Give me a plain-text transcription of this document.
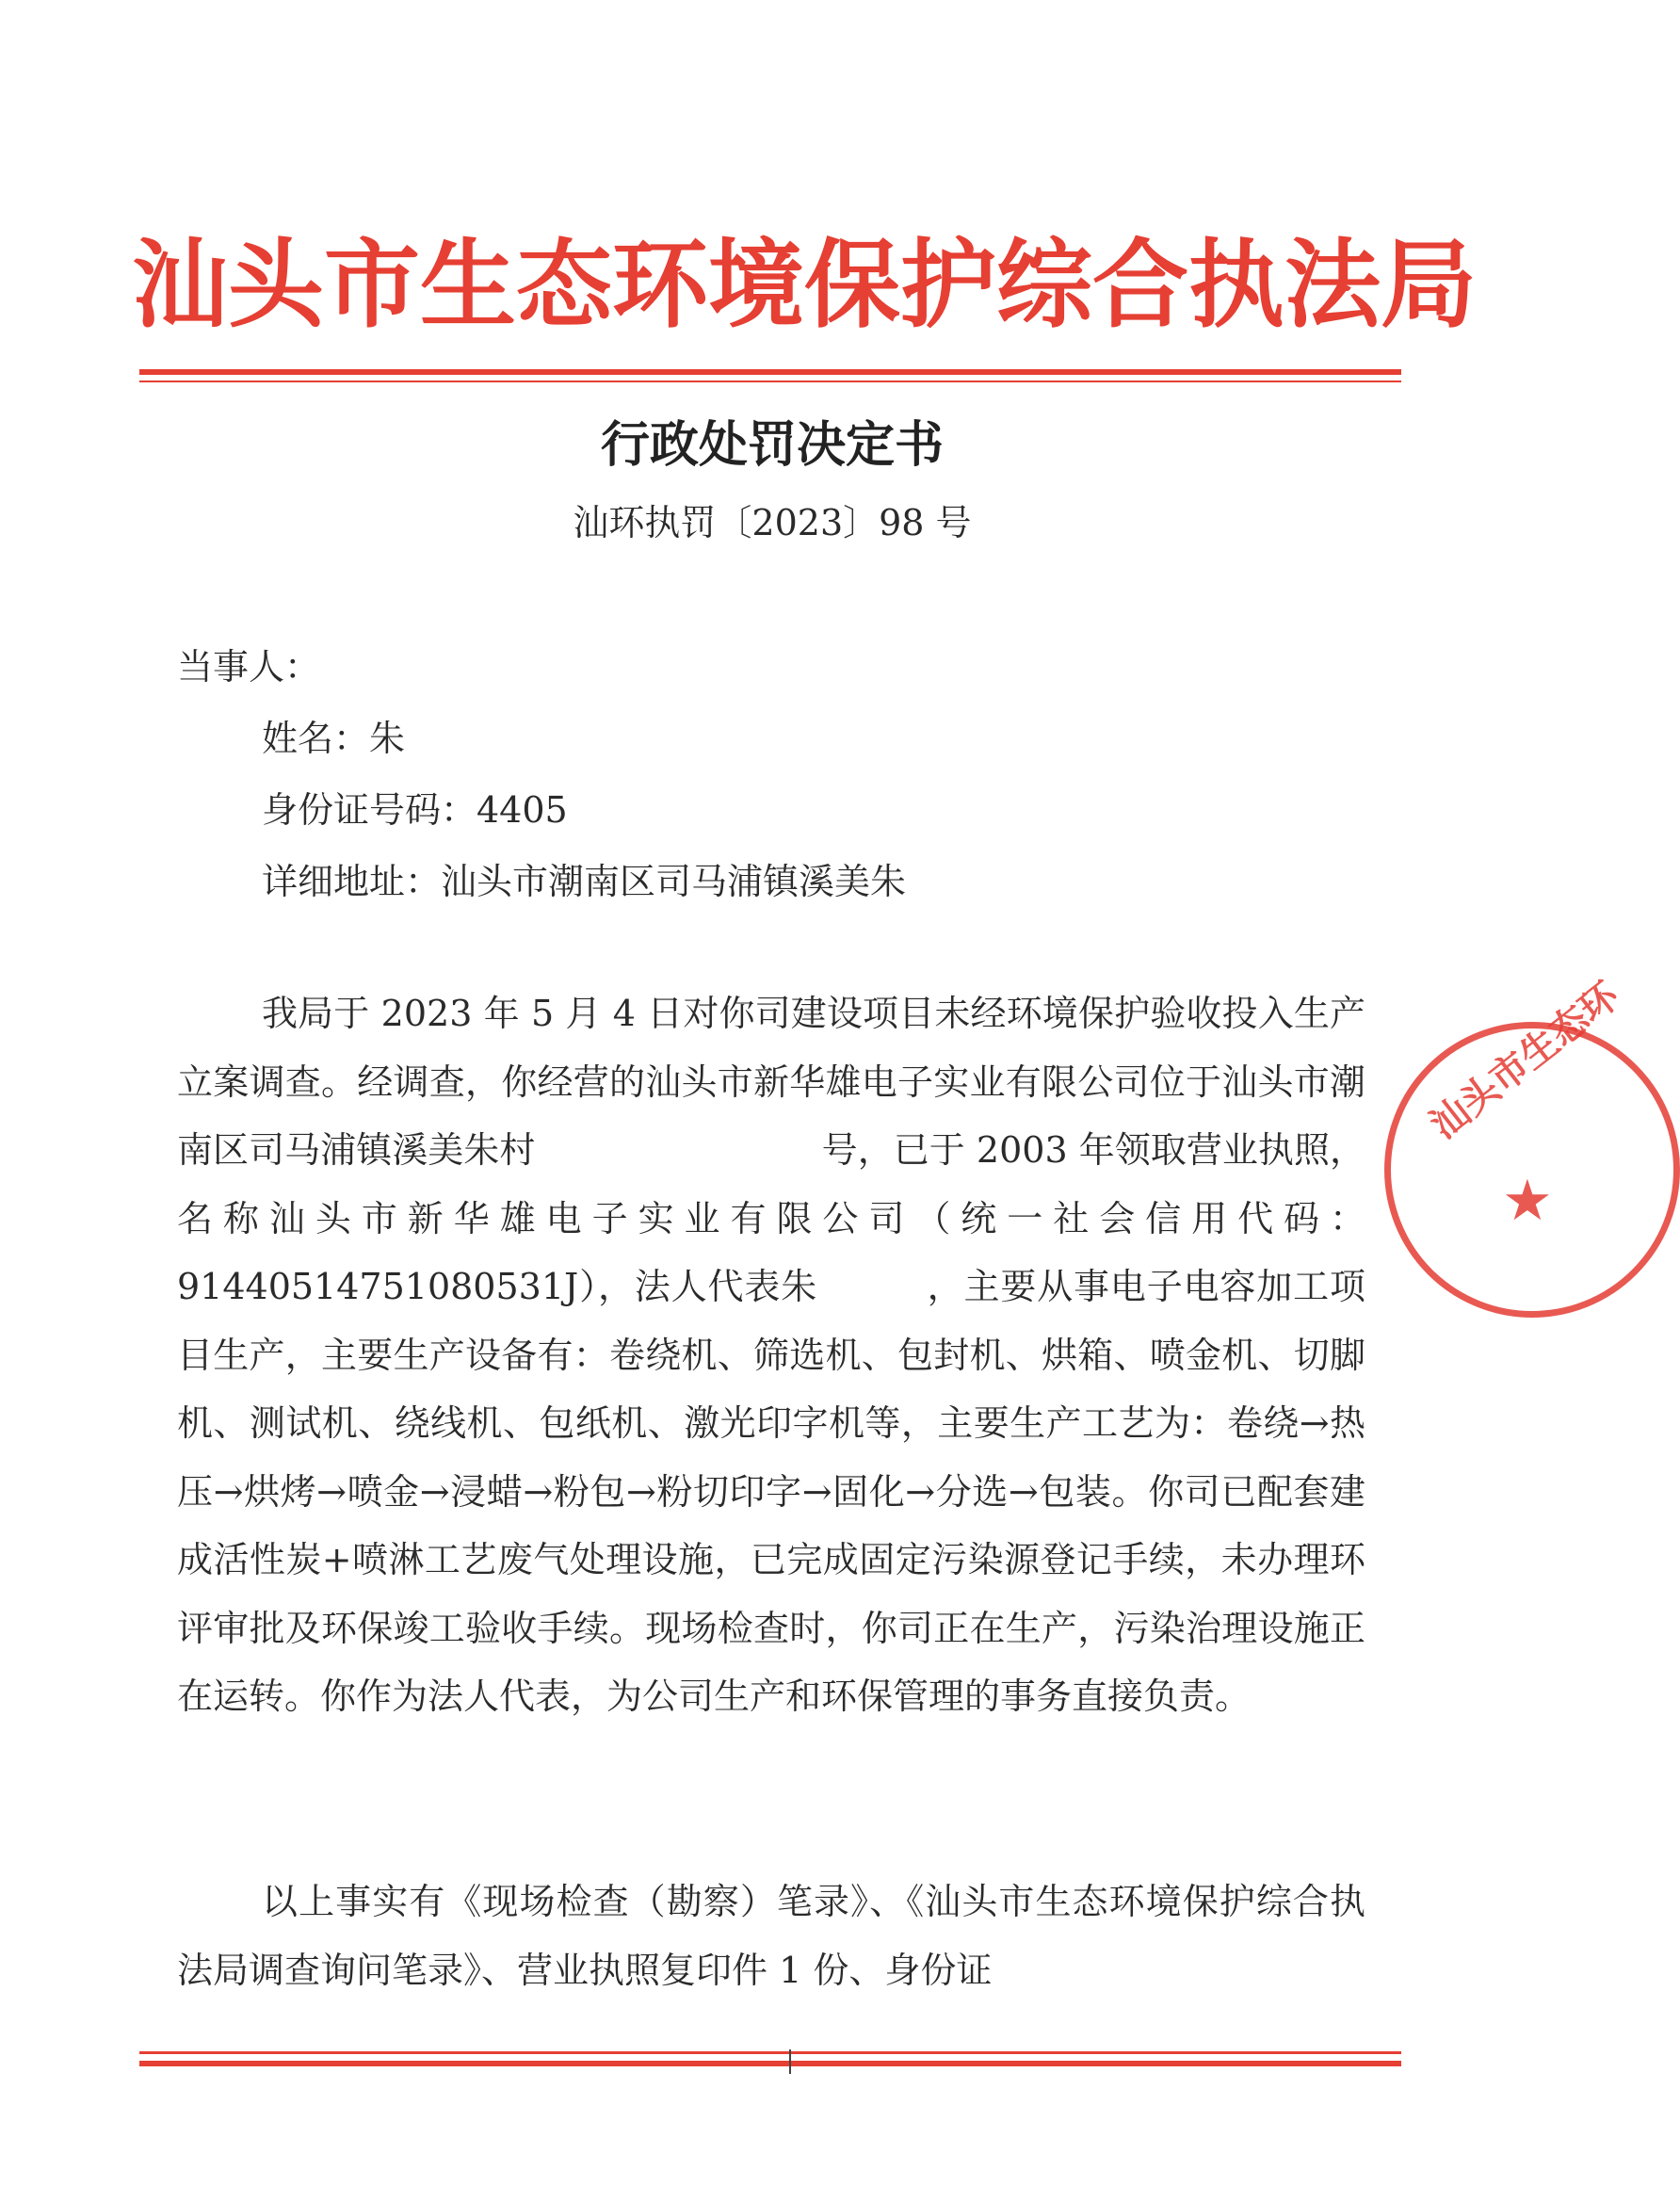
汕头市生态环境保护综合执法局
行政处罚决定书
汕环执罚〔2023〕98 号
当事人：
姓名：朱
身份证号码：4405
详细地址：汕头市潮南区司马浦镇溪美朱

我局于 2023 年 5 月 4 日对你司建设项目未经环境保护验收投入生产立案调查。经调查，你经营的汕头市新华雄电子实业有限公司位于汕头市潮南区司马浦镇溪美朱村　　　　　　　　号，已于 2003 年领取营业执照，名称汕头市新华雄电子实业有限公司（统一社会信用代码：91440514751080531J），法人代表朱　　　，主要从事电子电容加工项目生产，主要生产设备有：卷绕机、筛选机、包封机、烘箱、喷金机、切脚机、测试机、绕线机、包纸机、激光印字机等，主要生产工艺为：卷绕→热压→烘烤→喷金→浸蜡→粉包→粉切印字→固化→分选→包装。你司已配套建成活性炭+喷淋工艺废气处理设施，已完成固定污染源登记手续，未办理环评审批及环保竣工验收手续。现场检查时，你司正在生产，污染治理设施正在运转。你作为法人代表，为公司生产和环保管理的事务直接负责。

以上事实有《现场检查（勘察）笔录》、《汕头市生态环境保护综合执法局调查询问笔录》、营业执照复印件 1 份、身份证

汕头市生态环
★
